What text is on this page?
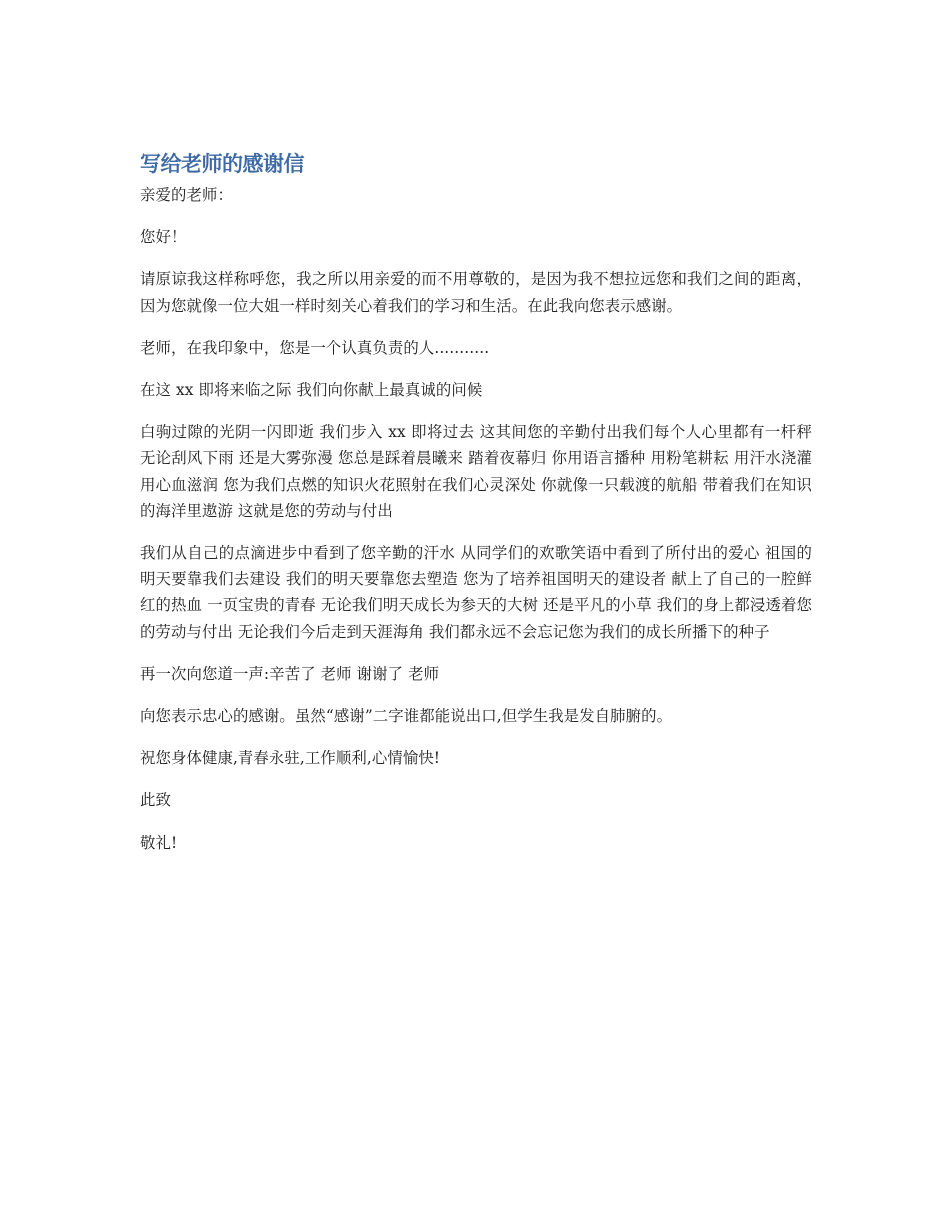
写给老师的感谢信

亲爱的老师：

您好！

请原谅我这样称呼您，我之所以用亲爱的而不用尊敬的，是因为我不想拉远您和我们之间的距离，因为您就像一位大姐一样时刻关心着我们的学习和生活。在此我向您表示感谢。

老师，在我印象中，您是一个认真负责的人...........

在这 xx 即将来临之际 我们向你献上最真诚的问候

白驹过隙的光阴一闪即逝 我们步入 xx 即将过去 这其间您的辛勤付出我们每个人心里都有一杆秤 无论刮风下雨 还是大雾弥漫 您总是踩着晨曦来 踏着夜幕归 你用语言播种 用粉笔耕耘 用汗水浇灌 用心血滋润 您为我们点燃的知识火花照射在我们心灵深处 你就像一只载渡的航船 带着我们在知识的海洋里遨游 这就是您的劳动与付出

我们从自己的点滴进步中看到了您辛勤的汗水 从同学们的欢歌笑语中看到了所付出的爱心 祖国的明天要靠我们去建设 我们的明天要靠您去塑造 您为了培养祖国明天的建设者 献上了自己的一腔鲜红的热血 一页宝贵的青春 无论我们明天成长为参天的大树 还是平凡的小草 我们的身上都浸透着您的劳动与付出 无论我们今后走到天涯海角 我们都永远不会忘记您为我们的成长所播下的种子

再一次向您道一声:辛苦了 老师 谢谢了 老师

向您表示忠心的感谢。虽然“感谢”二字谁都能说出口,但学生我是发自肺腑的。

祝您身体健康,青春永驻,工作顺利,心情愉快!

此致

敬礼!
